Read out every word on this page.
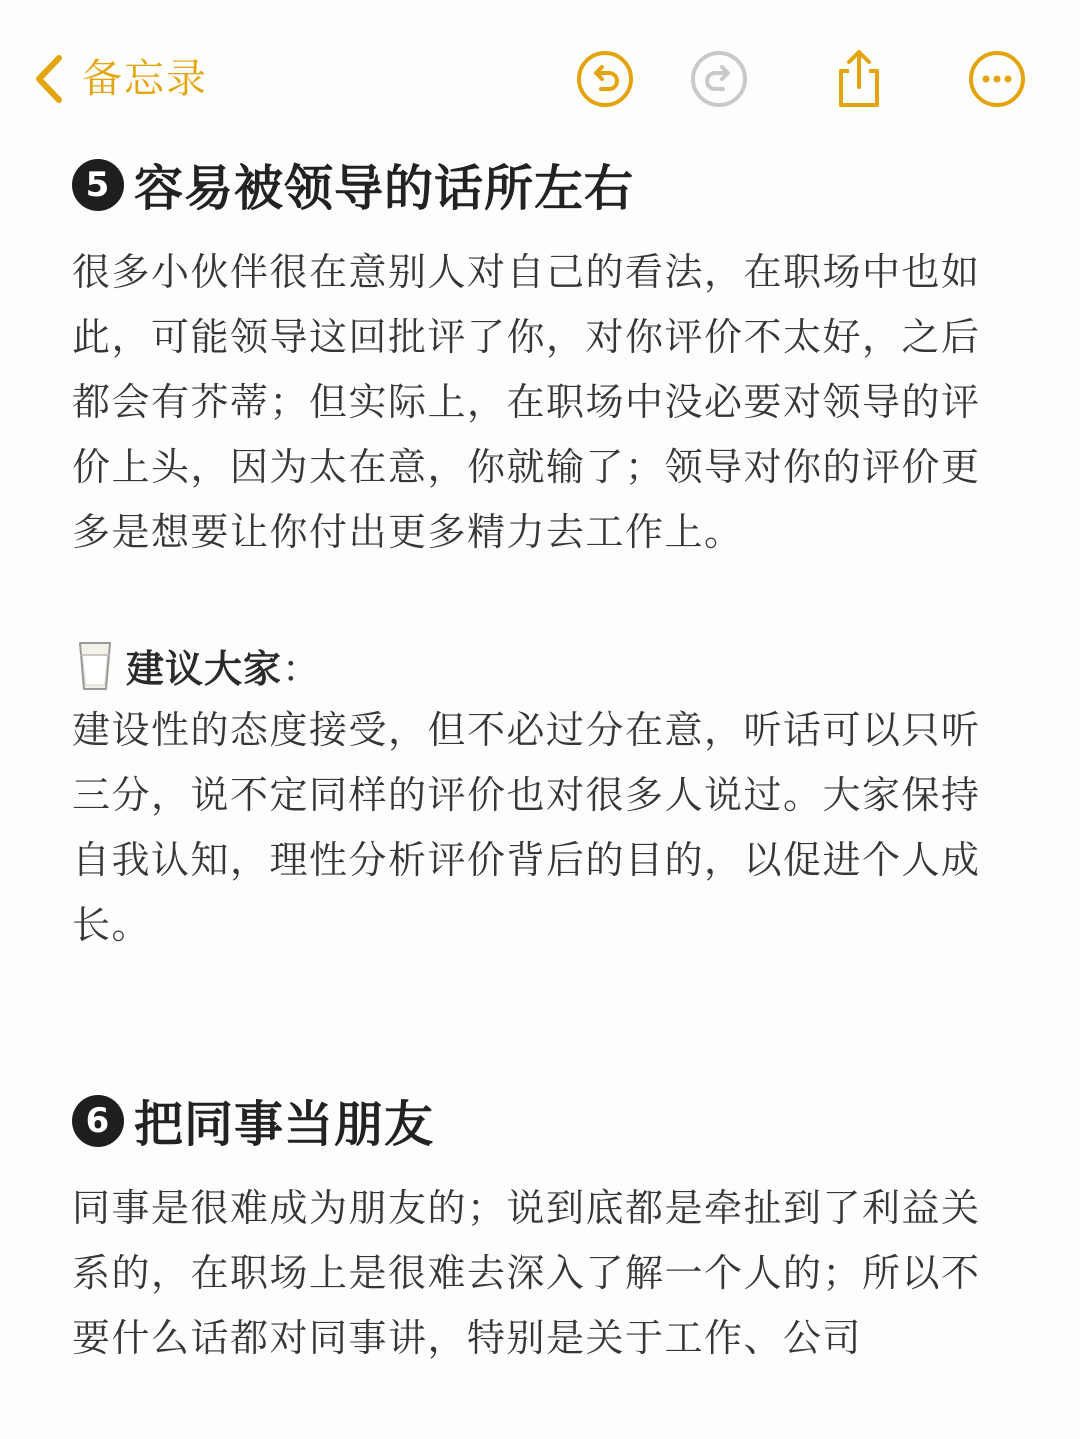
备忘录
5 容易被领导的话所左右

很多小伙伴很在意别人对自己的看法，在职场中也如此，可能领导这回批评了你，对你评价不太好，之后都会有芥蒂；但实际上，在职场中没必要对领导的评价上头，因为太在意，你就输了；领导对你的评价更多是想要让你付出更多精力去工作上。

建议大家 ：

建设性的态度接受，但不必过分在意，听话可以只听三分，说不定同样的评价也对很多人说过。大家保持自我认知，理性分析评价背后的目的，以促进个人成长。

6 把同事当朋友

同事是很难成为朋友的；说到底都是牵扯到了利益关系的，在职场上是很难去深入了解一个人的；所以不要什么话都对同事讲，特别是关于工作、公司
